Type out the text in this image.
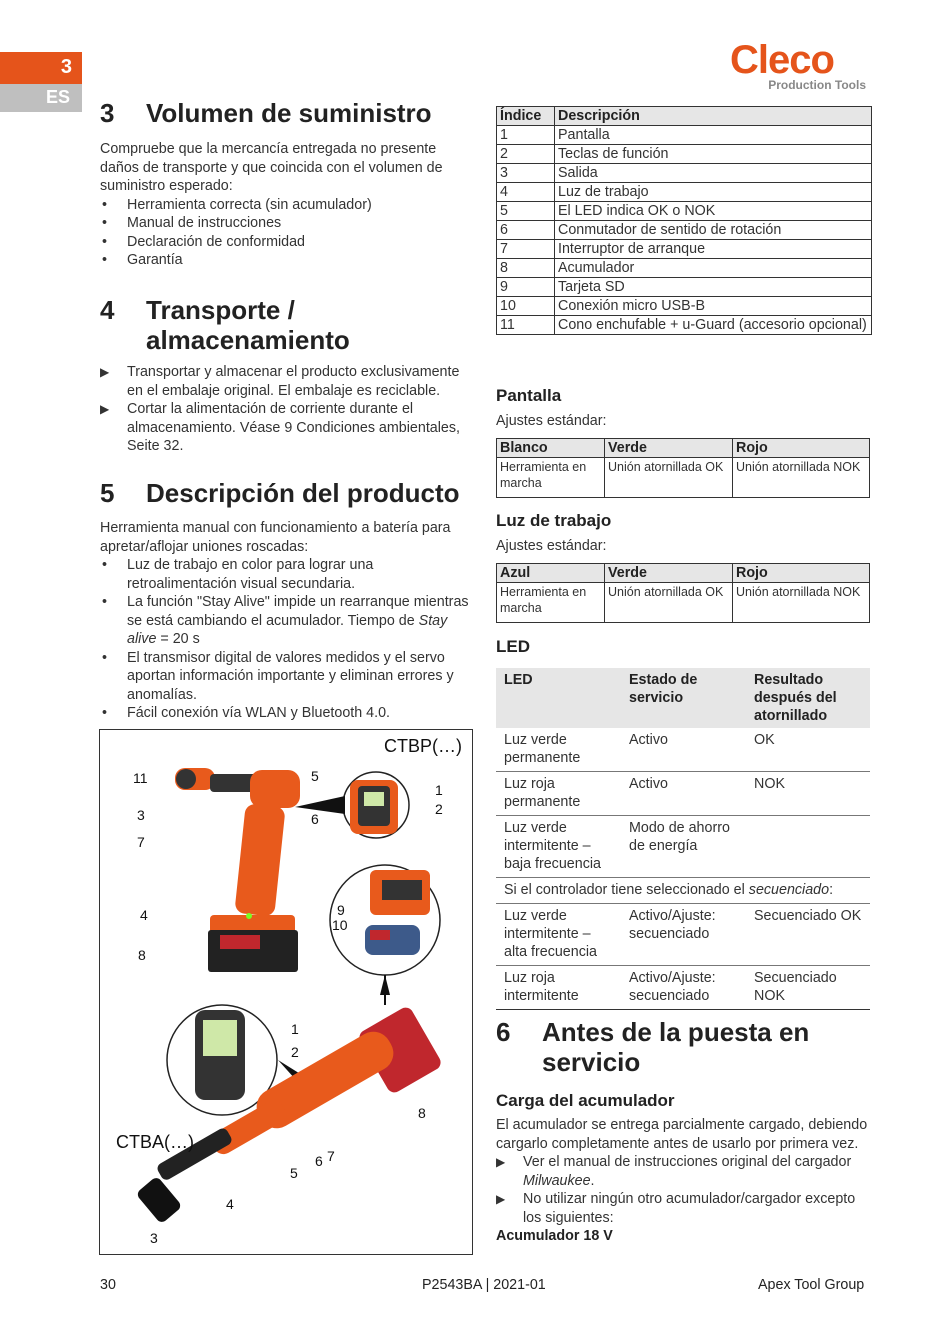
3
ES
Cleco
Production Tools
3 Volumen de suministro
Compruebe que la mercancía entregada no presente daños de transporte y que coincida con el volumen de suministro esperado:
• Herramienta correcta (sin acumulador)
• Manual de instrucciones
• Declaración de conformidad
• Garantía
4	Transporte /
almacenamiento
▶ Transportar y almacenar el producto exclusivamente en el embalaje original. El embalaje es reciclable.
▶ Cortar la alimentación de corriente durante el almacenamiento. Véase 9 Condiciones ambientales, Seite 32.
5 Descripción del producto
Herramienta manual con funcionamiento a batería para apretar/aflojar uniones roscadas:
• Luz de trabajo en color para lograr una retroalimentación visual secundaria.
• La función "Stay Alive" impide un rearranque mientras se está cambiando el acumulador. Tiempo de Stay alive = 20 s
• El transmisor digital de valores medidos y el servo aportan información importante y eliminan errores y anomalías.
• Fácil conexión vía WLAN y Bluetooth 4.0.
CTBP(…)
CTBA(…)
11
3
7
4
8
5
6
1
2
9
10
1
2
8
5
6 7
4
3
Índice	Descripción
1	Pantalla
2	Teclas de función
3	Salida
4	Luz de trabajo
5	El LED indica OK o NOK
6	Conmutador de sentido de rotación
7	Interruptor de arranque
8	Acumulador
9	Tarjeta SD
10	Conexión micro USB-B
11	Cono enchufable + u-Guard (accesorio opcional)
Pantalla
Ajustes estándar:
Blanco	Verde	Rojo
Herramienta en marcha	Unión atornillada OK	Unión atornillada NOK
Luz de trabajo
Ajustes estándar:
Azul	Verde	Rojo
Herramienta en marcha	Unión atornillada OK	Unión atornillada NOK
LED
LED	Estado de servicio	Resultado después del atornillado
Luz verde permanente	Activo	OK
Luz roja permanente	Activo	NOK
Luz verde intermitente – baja frecuencia	Modo de ahorro de energía	
Si el controlador tiene seleccionado el secuenciado:		
Luz verde intermitente – alta frecuencia	Activo/Ajuste: secuenciado	Secuenciado OK
Luz roja intermitente	Activo/Ajuste: secuenciado	Secuenciado NOK
6	Antes de la puesta en
servicio
Carga del acumulador
El acumulador se entrega parcialmente cargado, debiendo cargarlo completamente antes de usarlo por primera vez.
▶ Ver el manual de instrucciones original del cargador Milwaukee.
▶ No utilizar ningún otro acumulador/cargador excepto los siguientes:
Acumulador 18 V
30	P2543BA | 2021-01	Apex Tool Group
